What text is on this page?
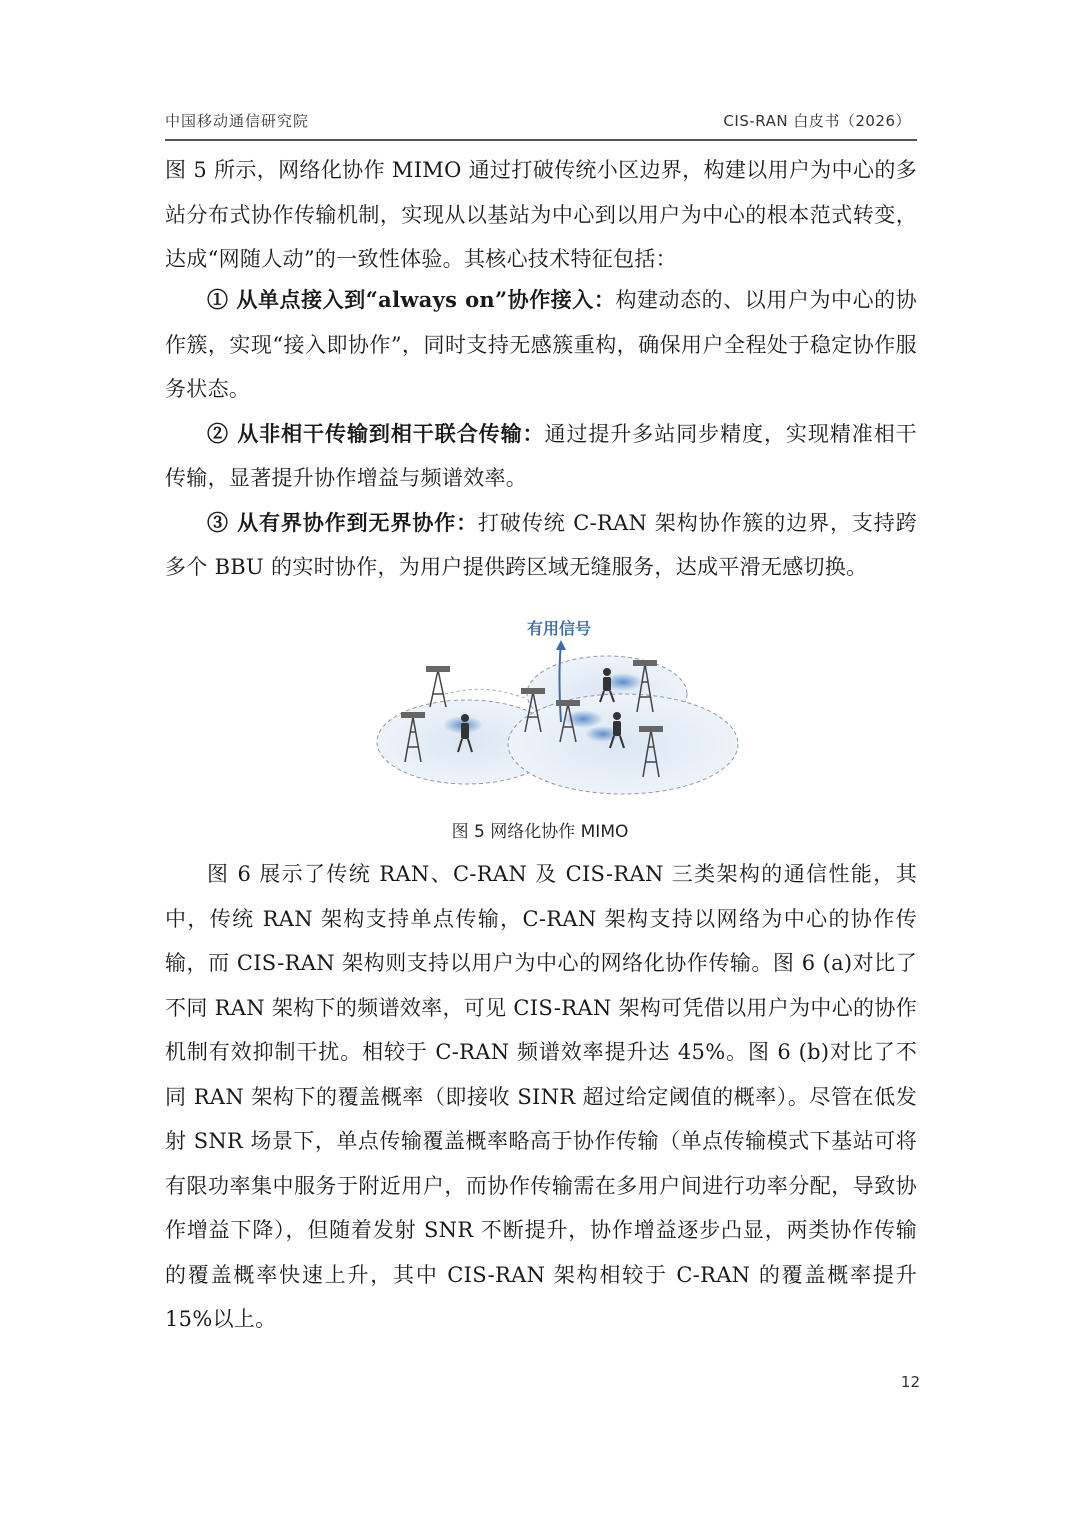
中国移动通信研究院	CIS-RAN 白皮书（2026）

图 5 所示，网络化协作 MIMO 通过打破传统小区边界，构建以用户为中心的多站分布式协作传输机制，实现从以基站为中心到以用户为中心的根本范式转变，达成“网随人动”的一致性体验。其核心技术特征包括：

① 从单点接入到“always on”协作接入：构建动态的、以用户为中心的协作簇，实现“接入即协作”，同时支持无感簇重构，确保用户全程处于稳定协作服务状态。

② 从非相干传输到相干联合传输：通过提升多站同步精度，实现精准相干传输，显著提升协作增益与频谱效率。

③ 从有界协作到无界协作：打破传统 C-RAN 架构协作簇的边界，支持跨多个 BBU 的实时协作，为用户提供跨区域无缝服务，达成平滑无感切换。

有用信号
图 5 网络化协作 MIMO

图 6 展示了传统 RAN、C-RAN 及 CIS-RAN 三类架构的通信性能，其中，传统 RAN 架构支持单点传输，C-RAN 架构支持以网络为中心的协作传输，而 CIS-RAN 架构则支持以用户为中心的网络化协作传输。图 6 (a)对比了不同 RAN 架构下的频谱效率，可见 CIS-RAN 架构可凭借以用户为中心的协作机制有效抑制干扰。相较于 C-RAN 频谱效率提升达 45%。图 6 (b)对比了不同 RAN 架构下的覆盖概率（即接收 SINR 超过给定阈值的概率）。尽管在低发射 SNR 场景下，单点传输覆盖概率略高于协作传输（单点传输模式下基站可将有限功率集中服务于附近用户，而协作传输需在多用户间进行功率分配，导致协作增益下降），但随着发射 SNR 不断提升，协作增益逐步凸显，两类协作传输的覆盖概率快速上升，其中 CIS-RAN 架构相较于 C-RAN 的覆盖概率提升 15%以上。

12
